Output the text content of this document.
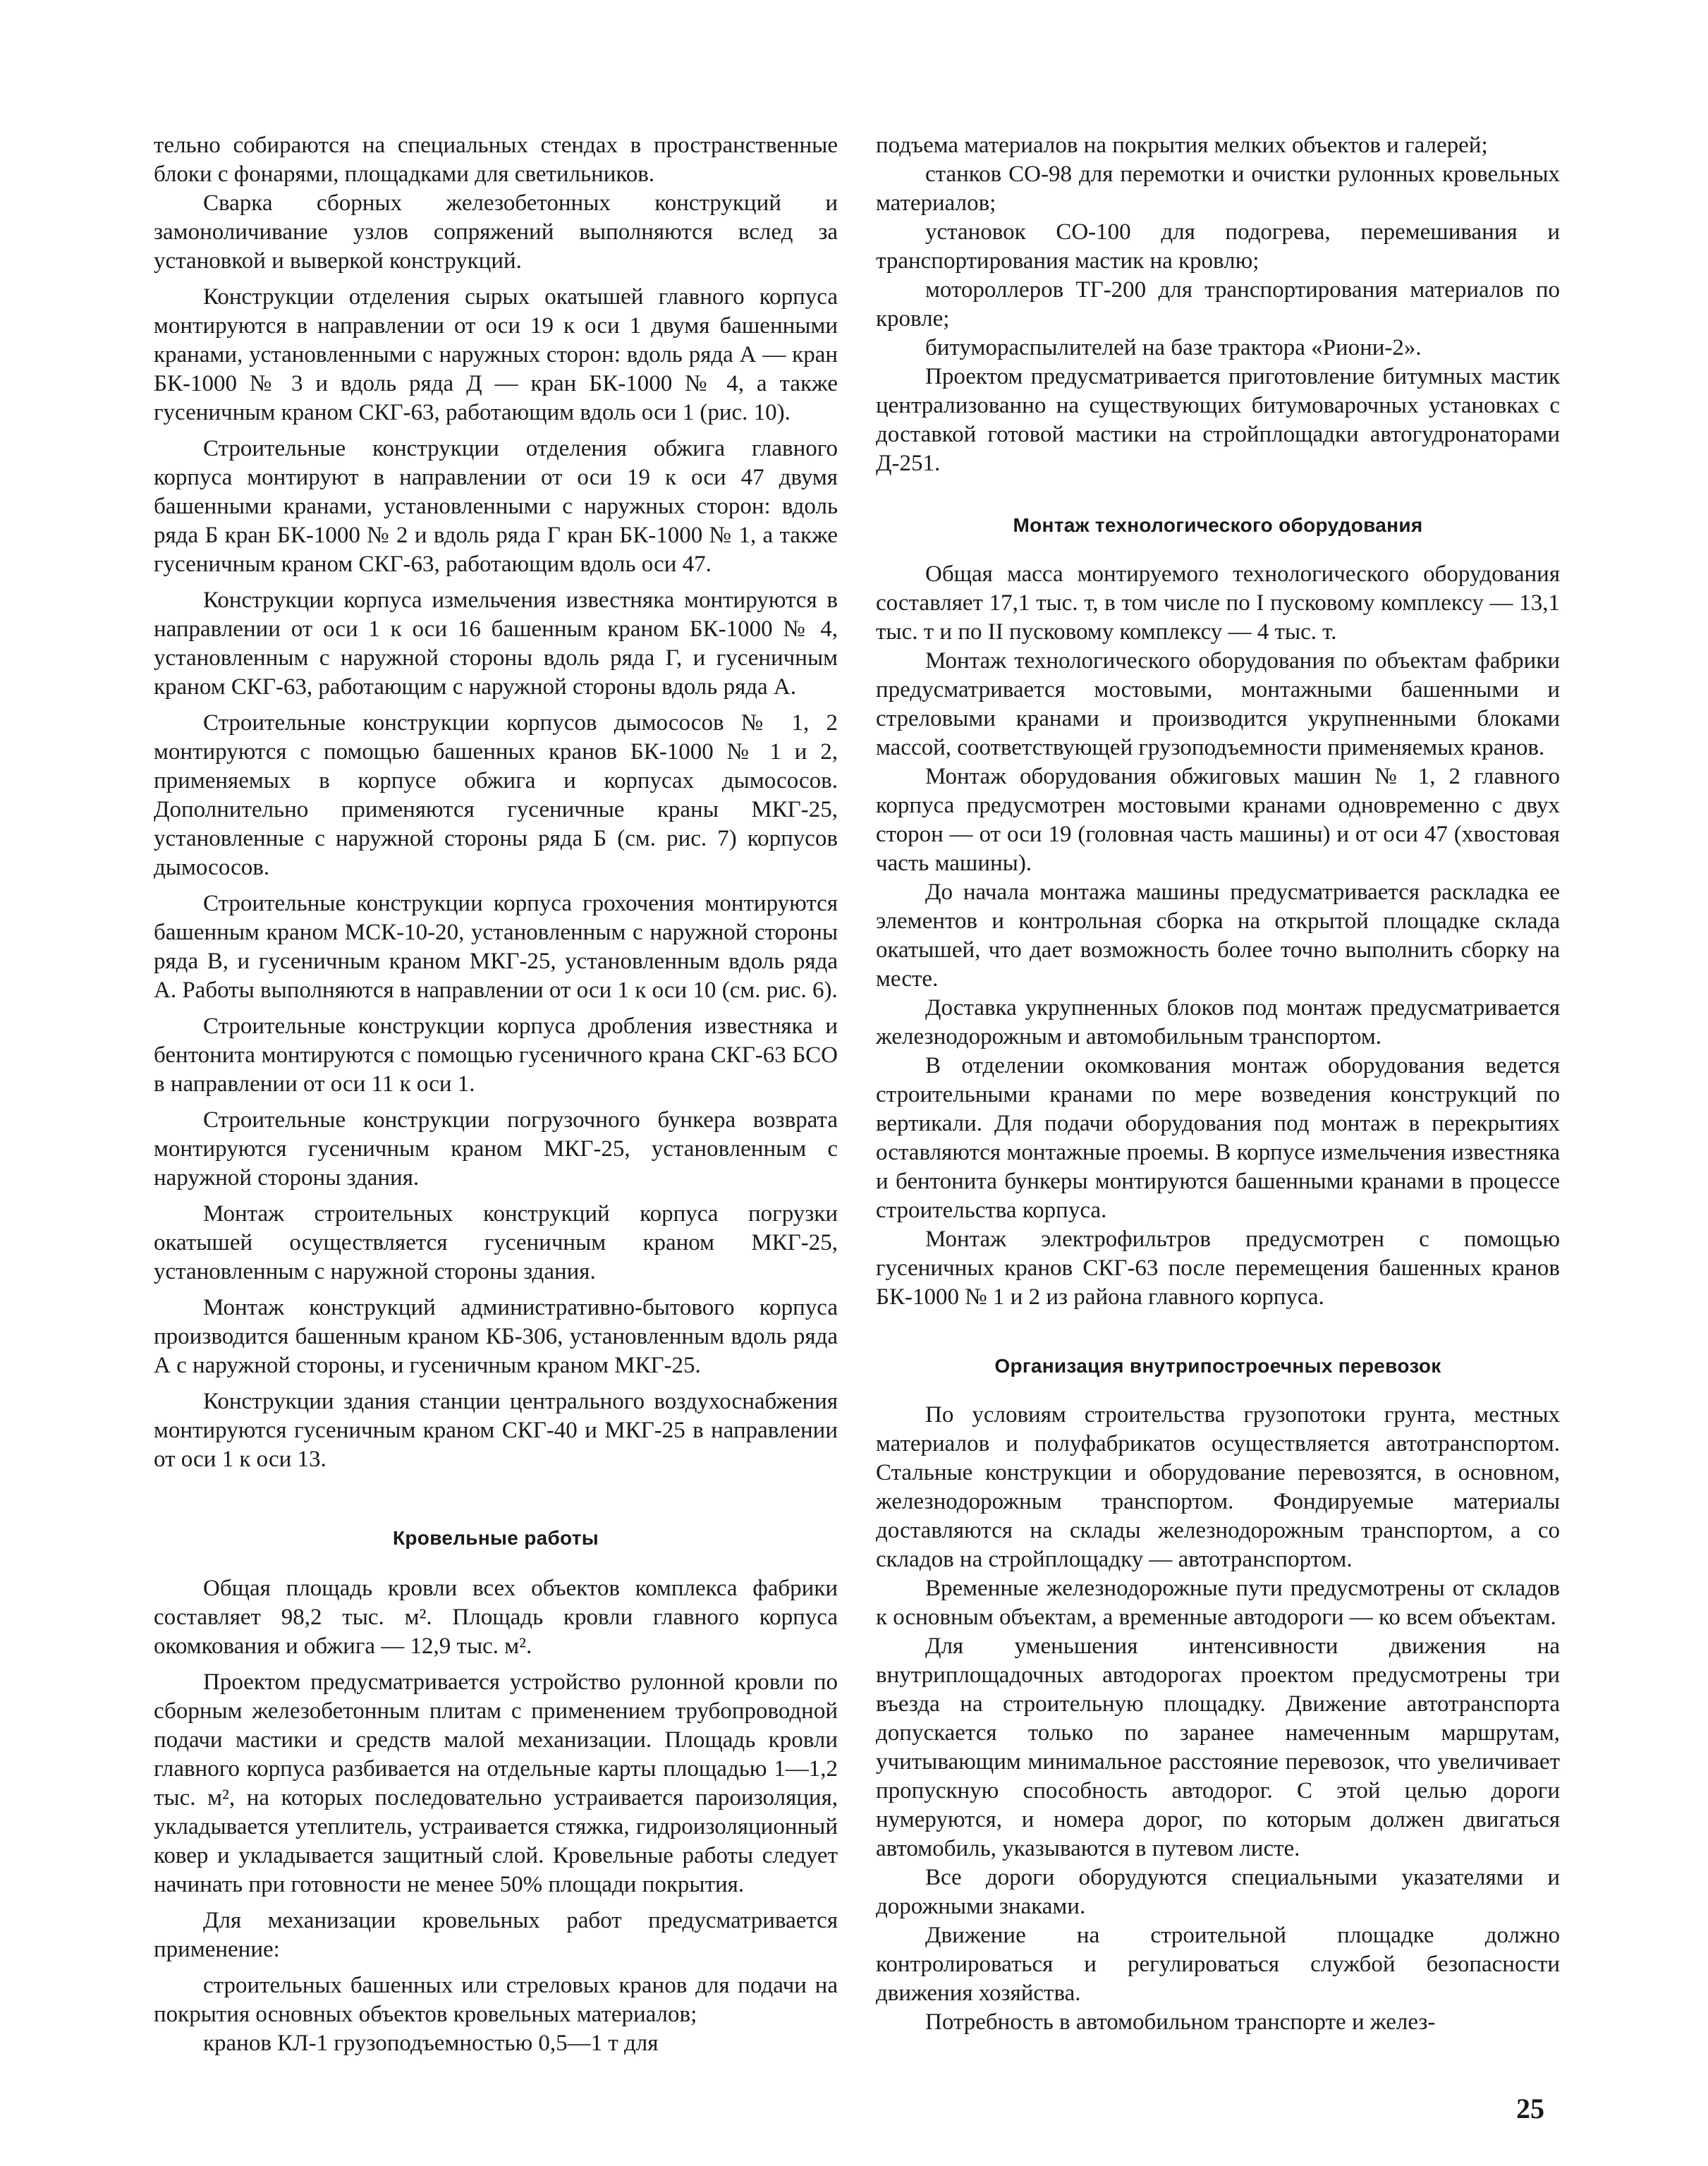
тельно собираются на специальных стендах в пространственные блоки с фонарями, площадками для светильников.

Сварка сборных железобетонных конструкций и замоноличивание узлов сопряжений выполняются вслед за установкой и выверкой конструкций.

Конструкции отделения сырых окатышей главного корпуса монтируются в направлении от оси 19 к оси 1 двумя башенными кранами, установленными с наружных сторон: вдоль ряда А — кран БК-1000 № 3 и вдоль ряда Д — кран БК-1000 № 4, а также гусеничным краном СКГ-63, работающим вдоль оси 1 (рис. 10).

Строительные конструкции отделения обжига главного корпуса монтируют в направлении от оси 19 к оси 47 двумя башенными кранами, установленными с наружных сторон: вдоль ряда Б кран БК-1000 № 2 и вдоль ряда Г кран БК-1000 № 1, а также гусеничным краном СКГ-63, работающим вдоль оси 47.

Конструкции корпуса измельчения известняка монтируются в направлении от оси 1 к оси 16 башенным краном БК-1000 № 4, установленным с наружной стороны вдоль ряда Г, и гусеничным краном СКГ-63, работающим с наружной стороны вдоль ряда А.

Строительные конструкции корпусов дымососов № 1, 2 монтируются с помощью башенных кранов БК-1000 № 1 и 2, применяемых в корпусе обжига и корпусах дымососов. Дополнительно применяются гусеничные краны МКГ-25, установленные с наружной стороны ряда Б (см. рис. 7) корпусов дымососов.

Строительные конструкции корпуса грохочения монтируются башенным краном МСК-10-20, установленным с наружной стороны ряда В, и гусеничным краном МКГ-25, установленным вдоль ряда А. Работы выполняются в направлении от оси 1 к оси 10 (см. рис. 6).

Строительные конструкции корпуса дробления известняка и бентонита монтируются с помощью гусеничного крана СКГ-63 БСО в направлении от оси 11 к оси 1.

Строительные конструкции погрузочного бункера возврата монтируются гусеничным краном МКГ-25, установленным с наружной стороны здания.

Монтаж строительных конструкций корпуса погрузки окатышей осуществляется гусеничным краном МКГ-25, установленным с наружной стороны здания.

Монтаж конструкций административно-бытового корпуса производится башенным краном КБ-306, установленным вдоль ряда А с наружной стороны, и гусеничным краном МКГ-25.

Конструкции здания станции центрального воздухоснабжения монтируются гусеничным краном СКГ-40 и МКГ-25 в направлении от оси 1 к оси 13.

Кровельные работы

Общая площадь кровли всех объектов комплекса фабрики составляет 98,2 тыс. м². Площадь кровли главного корпуса окомкования и обжига — 12,9 тыс. м².

Проектом предусматривается устройство рулонной кровли по сборным железобетонным плитам с применением трубопроводной подачи мастики и средств малой механизации. Площадь кровли главного корпуса разбивается на отдельные карты площадью 1—1,2 тыс. м², на которых последовательно устраивается пароизоляция, укладывается утеплитель, устраивается стяжка, гидроизоляционный ковер и укладывается защитный слой. Кровельные работы следует начинать при готовности не менее 50% площади покрытия.

Для механизации кровельных работ предусматривается применение:

строительных башенных или стреловых кранов для подачи на покрытия основных объектов кровельных материалов;

кранов КЛ-1 грузоподъемностью 0,5—1 т для

подъема материалов на покрытия мелких объектов и галерей;

станков СО-98 для перемотки и очистки рулонных кровельных материалов;

установок СО-100 для подогрева, перемешивания и транспортирования мастик на кровлю;

мотороллеров ТГ-200 для транспортирования материалов по кровле;

битумораспылителей на базе трактора «Риони-2».

Проектом предусматривается приготовление битумных мастик централизованно на существующих битумоварочных установках с доставкой готовой мастики на стройплощадки автогудронаторами Д-251.

Монтаж технологического оборудования

Общая масса монтируемого технологического оборудования составляет 17,1 тыс. т, в том числе по I пусковому комплексу — 13,1 тыс. т и по II пусковому комплексу — 4 тыс. т.

Монтаж технологического оборудования по объектам фабрики предусматривается мостовыми, монтажными башенными и стреловыми кранами и производится укрупненными блоками массой, соответствующей грузоподъемности применяемых кранов.

Монтаж оборудования обжиговых машин № 1, 2 главного корпуса предусмотрен мостовыми кранами одновременно с двух сторон — от оси 19 (головная часть машины) и от оси 47 (хвостовая часть машины).

До начала монтажа машины предусматривается раскладка ее элементов и контрольная сборка на открытой площадке склада окатышей, что дает возможность более точно выполнить сборку на месте.

Доставка укрупненных блоков под монтаж предусматривается железнодорожным и автомобильным транспортом.

В отделении окомкования монтаж оборудования ведется строительными кранами по мере возведения конструкций по вертикали. Для подачи оборудования под монтаж в перекрытиях оставляются монтажные проемы. В корпусе измельчения известняка и бентонита бункеры монтируются башенными кранами в процессе строительства корпуса.

Монтаж электрофильтров предусмотрен с помощью гусеничных кранов СКГ-63 после перемещения башенных кранов БК-1000 № 1 и 2 из района главного корпуса.

Организация внутрипостроечных перевозок

По условиям строительства грузопотоки грунта, местных материалов и полуфабрикатов осуществляется автотранспортом. Стальные конструкции и оборудование перевозятся, в основном, железнодорожным транспортом. Фондируемые материалы доставляются на склады железнодорожным транспортом, а со складов на стройплощадку — автотранспортом.

Временные железнодорожные пути предусмотрены от складов к основным объектам, а временные автодороги — ко всем объектам.

Для уменьшения интенсивности движения на внутриплощадочных автодорогах проектом предусмотрены три въезда на строительную площадку. Движение автотранспорта допускается только по заранее намеченным маршрутам, учитывающим минимальное расстояние перевозок, что увеличивает пропускную способность автодорог. С этой целью дороги нумеруются, и номера дорог, по которым должен двигаться автомобиль, указываются в путевом листе.

Все дороги оборудуются специальными указателями и дорожными знаками.

Движение на строительной площадке должно контролироваться и регулироваться службой безопасности движения хозяйства.

Потребность в автомобильном транспорте и желез-

25
